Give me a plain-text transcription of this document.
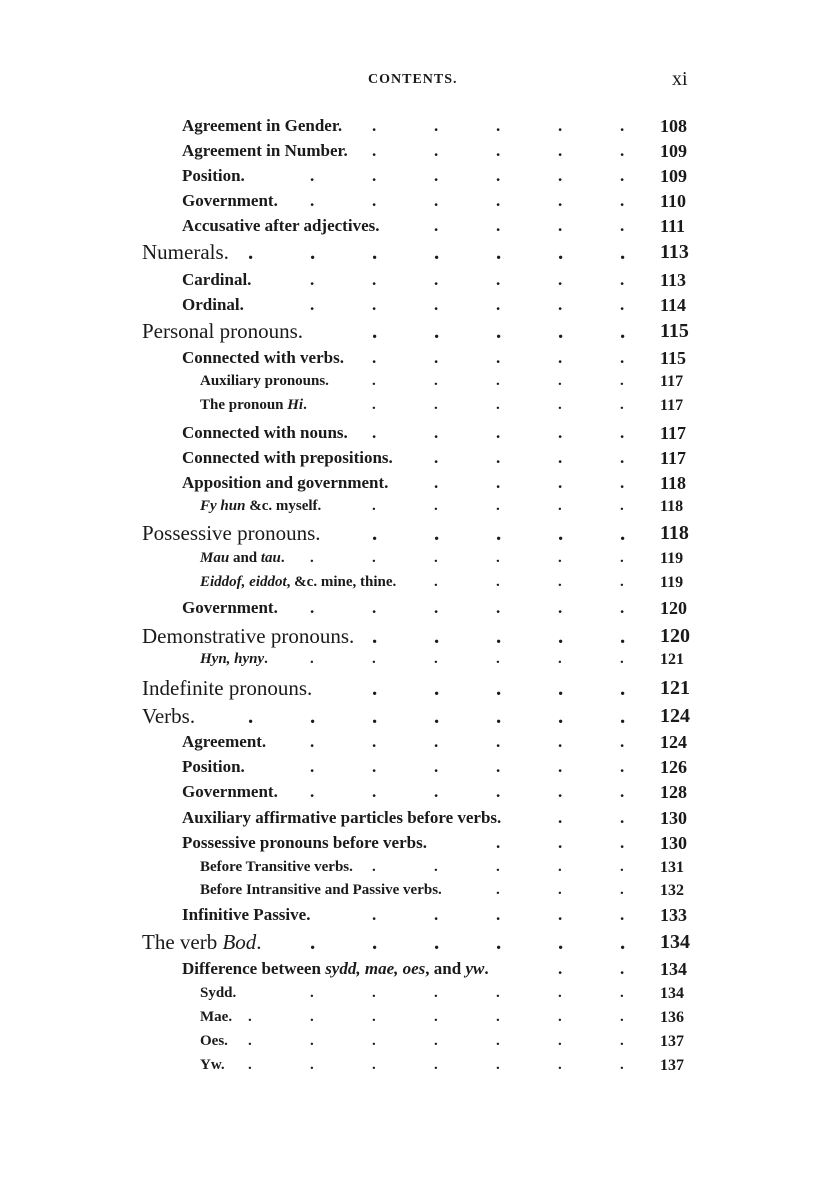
CONTENTS.	xi
Agreement in Gender.	108
.
.
.
.
.
Agreement in Number.	109
.
.
.
.
.
Position.	109
.
.
.
.
.
.
Government.	110
.
.
.
.
.
.
Accusative after adjectives.	111
.
.
.
.
Numerals.	113
.
.
.
.
.
.
.
Cardinal.	113
.
.
.
.
.
.
Ordinal.	114
.
.
.
.
.
.
Personal pronouns.	115
.
.
.
.
.
Connected with verbs.	115
.
.
.
.
.
Auxiliary pronouns.	117
.
.
.
.
.
The pronoun Hi.	117
.
.
.
.
.
Connected with nouns.	117
.
.
.
.
.
Connected with prepositions.	117
.
.
.
.
Apposition and government.	118
.
.
.
.
Fy hun &c. myself.	118
.
.
.
.
.
Possessive pronouns.	118
.
.
.
.
.
Mau and tau.	119
.
.
.
.
.
.
Eiddof, eiddot, &c. mine, thine.	119
.
.
.
.
Government.	120
.
.
.
.
.
.
Demonstrative pronouns.	120
.
.
.
.
.
Hyn, hyny.	121
.
.
.
.
.
.
Indefinite pronouns.	121
.
.
.
.
.
Verbs.	124
.
.
.
.
.
.
.
Agreement.	124
.
.
.
.
.
.
Position.	126
.
.
.
.
.
.
Government.	128
.
.
.
.
.
.
Auxiliary affirmative particles before verbs.	130
.
.
Possessive pronouns before verbs.	130
.
.
.
Before Transitive verbs.	131
.
.
.
.
.
Before Intransitive and Passive verbs.	132
.
.
.
Infinitive Passive.	133
.
.
.
.
.
The verb Bod.	134
.
.
.
.
.
.
Difference between sydd, mae, oes, and yw.	134
.
.
Sydd.	134
.
.
.
.
.
.
Mae.	136
.
.
.
.
.
.
.
Oes.	137
.
.
.
.
.
.
.
Yw.	137
.
.
.
.
.
.
.
